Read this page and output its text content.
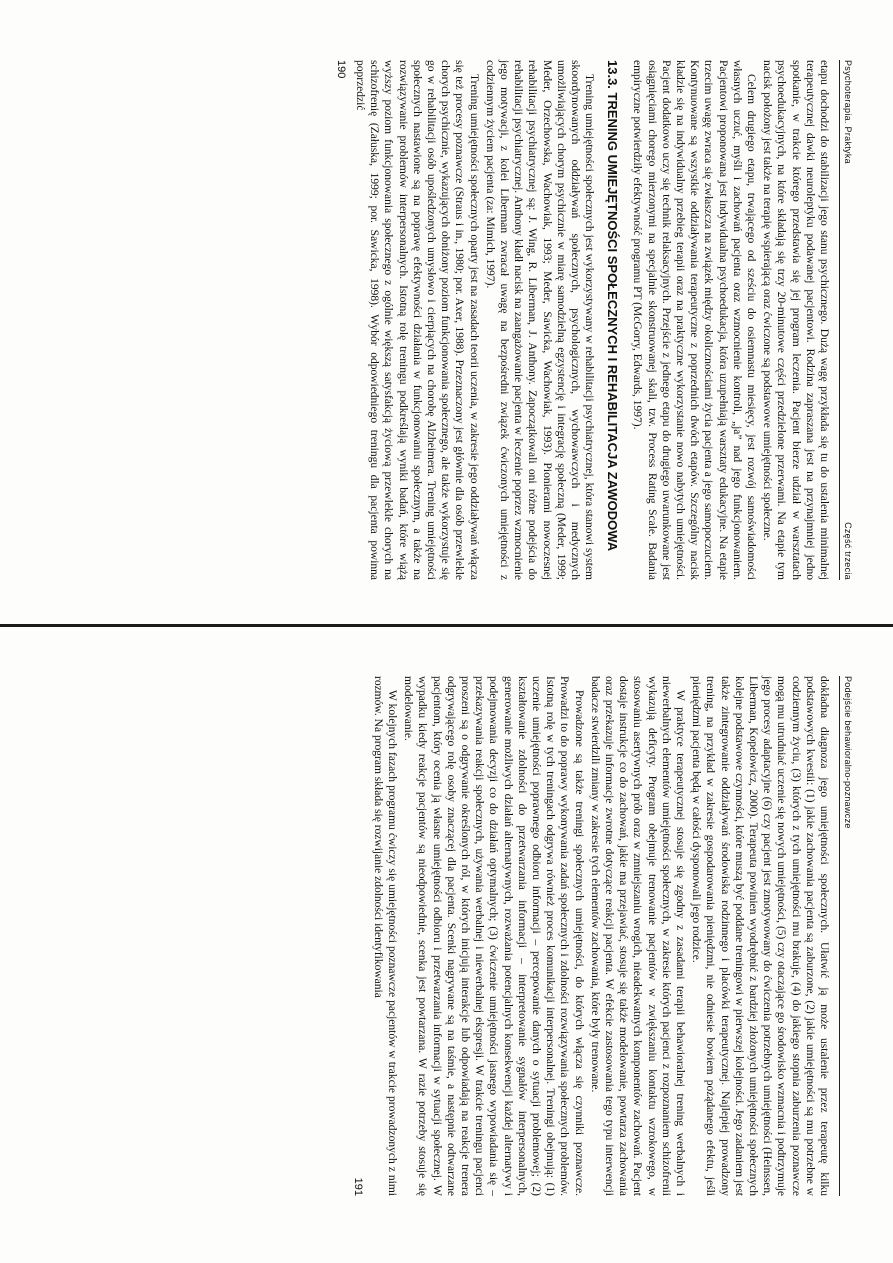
Psychoterapia. Praktyka
Część trzecia

etapu dochodzi do stabilizacji jego stanu psychicznego. Dużą wagę przykłada się tu do ustalenia minimalnej terapeutycznej dawki neuroleptyku podawanej pacjentowi. Rodzina zapraszana jest na przynajmniej jedno spotkanie, w trakcie którego przedstawia się jej program leczenia. Pacjent bierze udział w warsztatach psychoedukacyjnych, na które składają się trzy 20-minutowe części przedzielone przerwami. Na etapie tym nacisk położony jest także na terapię wspierającą oraz ćwiczone są podstawowe umiejętności społeczne.

Celem drugiego etapu, trwającego od sześciu do osiemnastu miesięcy, jest rozwój samoświadomości własnych uczuć, myśli i zachowań pacjenta oraz wzmocnienie kontroli, „ja” nad jego funkcjonowaniem. Pacjentowi proponowana jest indywidualna psychoedukacja, która uzupełniają warsztaty edukacyjne. Na etapie trzecim uwagę zwraca się zwłaszcza na związek między okolicznościami życia pacjenta a jego samopoczuciem. Kontynuowane są wszystkie oddziaływania terapeutyczne z poprzednich dwóch etapów. Szczególny nacisk kładzie się na indywidualny przebieg terapii oraz na praktyczne wykorzystanie nowo nabytych umiejętności. Pacjent dodatkowo uczy się technik relaksacyjnych. Przejście z jednego etapu do drugiego uwarunkowane jest osiągnięciami chorego mierzonymi na specjalnie skonstruowanej skali, tzw. Process Rating Scale. Badania empiryczne potwierdziły efektywność programu PT (McGorry, Edwards, 1997).

13.3. TRENING UMIEJĘTNOŚCI SPOŁECZNYCH I REHABILITACJA ZAWODOWA

Trening umiejętności społecznych jest wykorzystywany w rehabilitacji psychiatrycznej, która stanowi system skoordynowanych oddziaływań społecznych, psychologicznych, wychowawczych i medycznych umożliwiających chorym psychicznie w miarę samodzielną egzystencję i integrację społeczną (Meder, 1999; Meder, Orzechowska, Wachowiak, 1993; Meder, Sawicka, Wachowiak, 1993). Pionierami nowoczesnej rehabilitacji psychiatrycznej są: J. Wing, R. Liberman, J. Anthony. Zapoczątkowali oni różne podejścia do rehabilitacji psychiatrycznej. Anthony kładł nacisk na zaangażowanie pacjenta w leczenie poprzez wzmocnienie jego motywacji, z kolei Liberman zwracał uwagę na bezpośredni związek ćwiczonych umiejętności z codziennym życiem pacjenta (za: Mimich, 1997).

Trening umiejętności społecznych oparty jest na zasadach teorii uczenia, w zakresie jego oddziaływań włącza się też procesy poznawcze (Straus i in., 1980; por. Axer, 1988). Przeznaczony jest głównie dla osób przewlekle chorych psychicznie, wykazujących obniżony poziom funkcjonowania społecznego, ale także wykorzystuje się go w rehabilitacji osób upośledzonych umysłowo i cierpiących na chorobę Alzheimera. Trening umiejętności społecznych nastawione są na poprawę efektywności działania w funkcjonowaniu społecznym, a także na rozwiązywanie problemów interpersonalnych. Istotną rolę treningu podkreślają wyniki badań, które wiążą wyższy poziom funkcjonowania społecznego z ogólnie większą satysfakcją życiową przewlekle chorych na schizofrenię (Załuska, 1999; por. Sawicka, 1998). Wybór odpowiedniego treningu dla pacjenta powinna poprzedzić

190
Podejście behawioralno-poznawcze

dokładna diagnoza jego umiejętności społecznych. Ułatwić ją może ustalenie przez terapeutę kilku podstawowych kwestii: (1) jakie zachowania pacjenta są zaburzone, (2) jakie umiejętności są mu potrzebne w codziennym życiu, (3) których z tych umiejętności mu brakuje, (4) do jakiego stopnia zaburzenia poznawcze mogą mu utrudniać uczenie się nowych umiejętności, (5) czy otaczające go środowisko wzmacnia i podtrzymuje jego procesy adaptacyjne (6) czy pacjent jest zmotywowany do ćwiczenia potrzebnych umiejętności (Heinssen, Liberman, Kopelowicz, 2000). Terapeuta powinien wyodrębnić z bardziej złożonych umiejętności społecznych kolejne podstawowe czynności, które muszą być poddane treningowi w pierwszej kolejności. Jego zadaniem jest także zintegrowanie oddziaływań środowiska rodzinnego i placówki terapeutycznej. Najlepiej prowadzony trening, na przykład w zakresie gospodarowania pieniędzmi, nie odniesie bowiem pożądanego efektu, jeśli pieniędzmi pacjenta będą w całości dysponowali jego rodzice.

W praktyce terapeutycznej stosuje się zgodny z zasadami terapii behawioralnej trening werbalnych i niewerbalnych elementów umiejętności społecznych, w zakresie których pacjenci z rozpoznaniem schizofrenii wykazują deficyty. Program obejmuje trenowanie pacjentów w zwiększaniu kontaktu wzrokowego, w stosowaniu asertywnych prób oraz w zmniejszaniu wrogich, nieadekwatnych komponentów zachowań. Pacjent dostaje instrukcje co do zachowań, jakie ma przejawiać, stosuje się także modelowanie, powtarza zachowania oraz przekazuje informacje zwrotne dotyczące reakcji pacjenta. W efekcie zastosowania tego typu interwencji badacze stwierdzili zmiany w zakresie tych elementów zachowania, które były trenowane.

Prowadzone są także treningi społecznych umiejętności, do których włącza się czynniki poznawcze. Prowadzi to do poprawy wykonywania zadań społecznych i zdolności rozwiązywania społecznych problemów. Istotną rolę w tych treningach odgrywa również proces komunikacji interpersonalnej. Treningi obejmują: (1) uczenie umiejętności poprawnego odbioru informacji – percepowanie danych o sytuacji problemowej; (2) kształtowanie zdolności do przetwarzania informacji – interpretowanie sygnałów interpersonalnych, generowanie możliwych działań alternatywnych, rozważania potencjalnych konsekwencji każdej alternatywy i podejmowania decyzji co do działań optymalnych; (3) ćwiczenie umiejętności jasnego wypowiadania się – przekazywania reakcji społecznych, używania werbalnej i niewerbalnej ekspresji. W trakcie treningu pacjenci proszeni są o odgrywanie określonych ról, w których inicjują interakcje lub odpowiadają na reakcje trenera odgrywającego rolę osoby znaczącej dla pacjenta. Scenki nagrywane są na taśmie, a następnie odtwarzane pacjentom, który ocenia ją własne umiejętności odbioru i przetwarzania informacji w sytuacji społecznej. W wypadku kiedy reakcje pacjentów są nieodpowiednie, scenka jest powtarzana. W razie potrzeby stosuje się modelowanie.

W kolejnych fazach programu ćwiczy się umiejętności poznawcze pacjentów w trakcie prowadzonych z nimi rozmów. Na program składa się rozwijanie zdolności identyfikowania

191
